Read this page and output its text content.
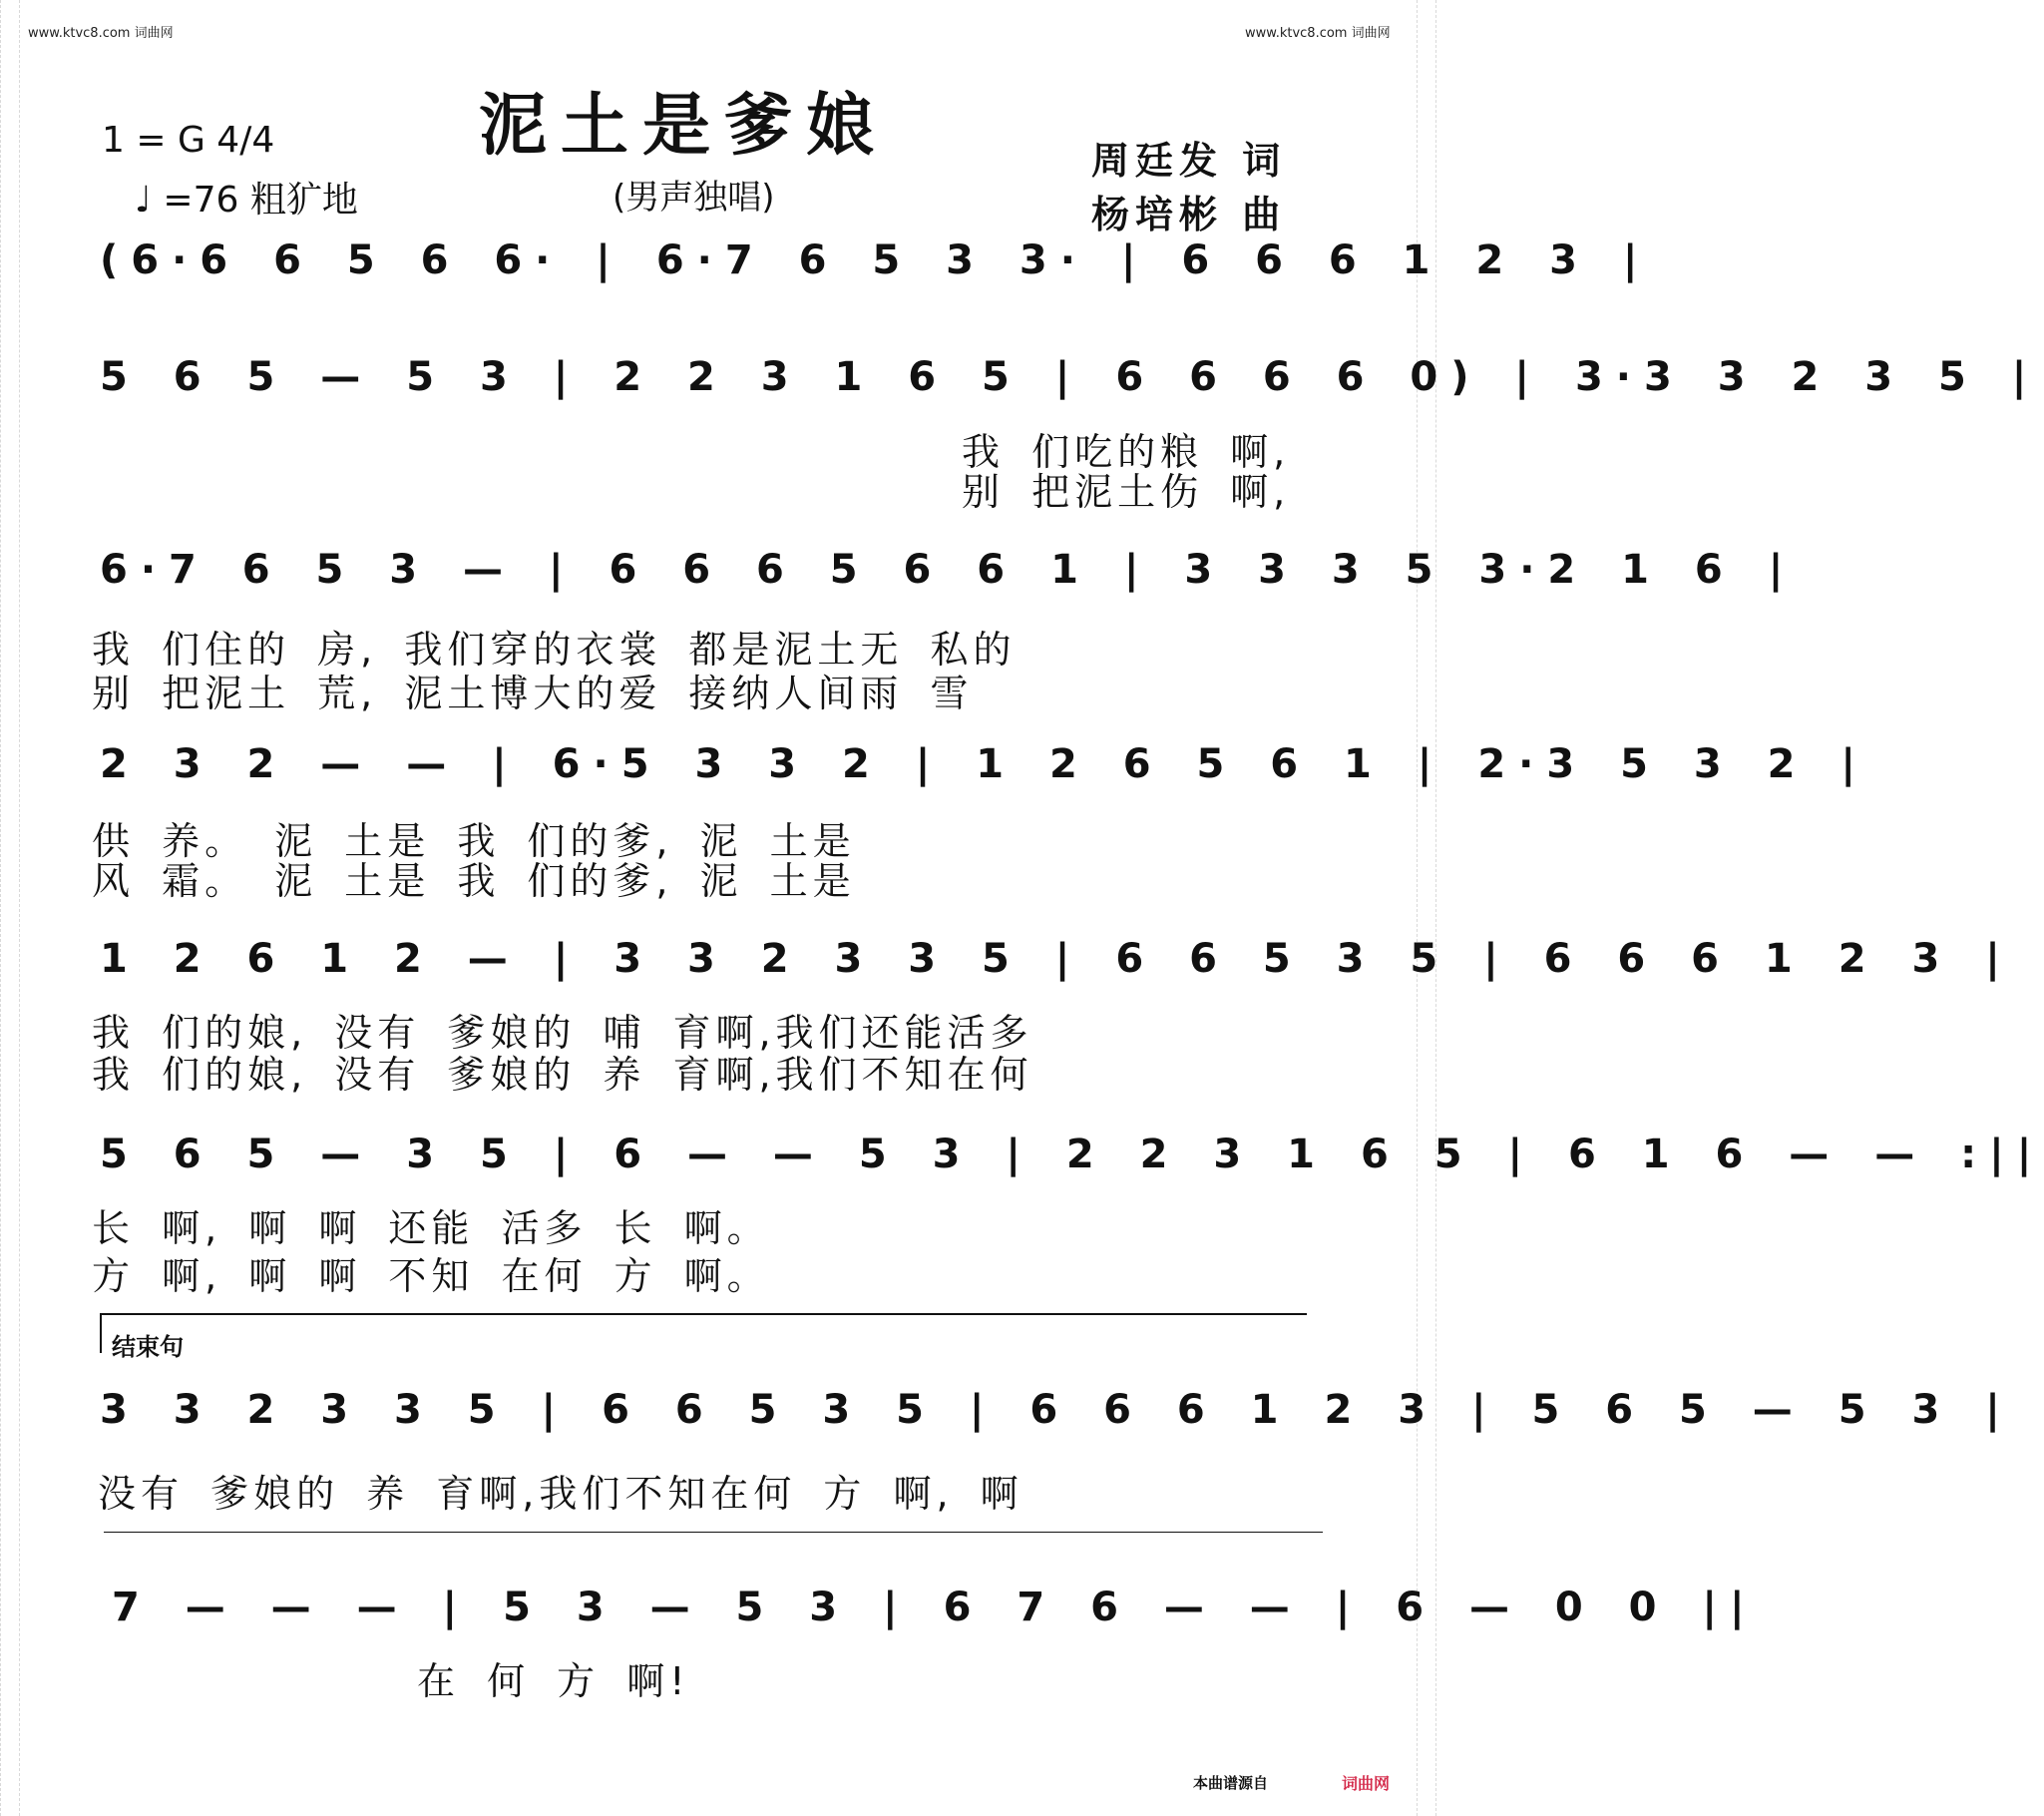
www.ktvc8.com 词曲网	www.ktvc8.com 词曲网
泥土是爹娘
(男声独唱)
1 = G 4/4
♩ =76 粗犷地
周廷发 词
杨培彬 曲
(6·6 6 5 6 6· | 6·7 6 5 3 3· | 6 6 6 1 2 3 |
5 6 5 — 5 3 | 2 2 3 1 6 5 | 6 6 6 6 0) | 3·3 3 2 3 5 |
我 们吃的粮 啊,
别 把泥土伤 啊,
6·7 6 5 3 — | 6 6 6 5 6 6 1 | 3 3 3 5 3·2 1 6 |
我 们住的 房, 我们穿的衣裳 都是泥土无 私的
别 把泥土 荒, 泥土博大的爱 接纳人间雨 雪
2 3 2 — — | 6·5 3 3 2 | 1 2 6 5 6 1 | 2·3 5 3 2 |
供 养。 泥 土是 我 们的爹, 泥 土是
风 霜。 泥 土是 我 们的爹, 泥 土是
1 2 6 1 2 — | 3 3 2 3 3 5 | 6 6 5 3 5 | 6 6 6 1 2 3 |
我 们的娘, 没有 爹娘的 哺 育啊,我们还能活多
我 们的娘, 没有 爹娘的 养 育啊,我们不知在何
5 6 5 — 3 5 | 6 — — 5 3 | 2 2 3 1 6 5 | 6 1 6 — — :||
长 啊, 啊 啊 还能 活多 长 啊。
方 啊, 啊 啊 不知 在何 方 啊。
结束句
3 3 2 3 3 5 | 6 6 5 3 5 | 6 6 6 1 2 3 | 5 6 5 — 5 3 |
没有 爹娘的 养 育啊,我们不知在何 方 啊, 啊
7 — — — | 5 3 — 5 3 | 6 7 6 — — | 6 — 0 0 ||
在 何 方 啊!
本曲谱源自	词曲网
